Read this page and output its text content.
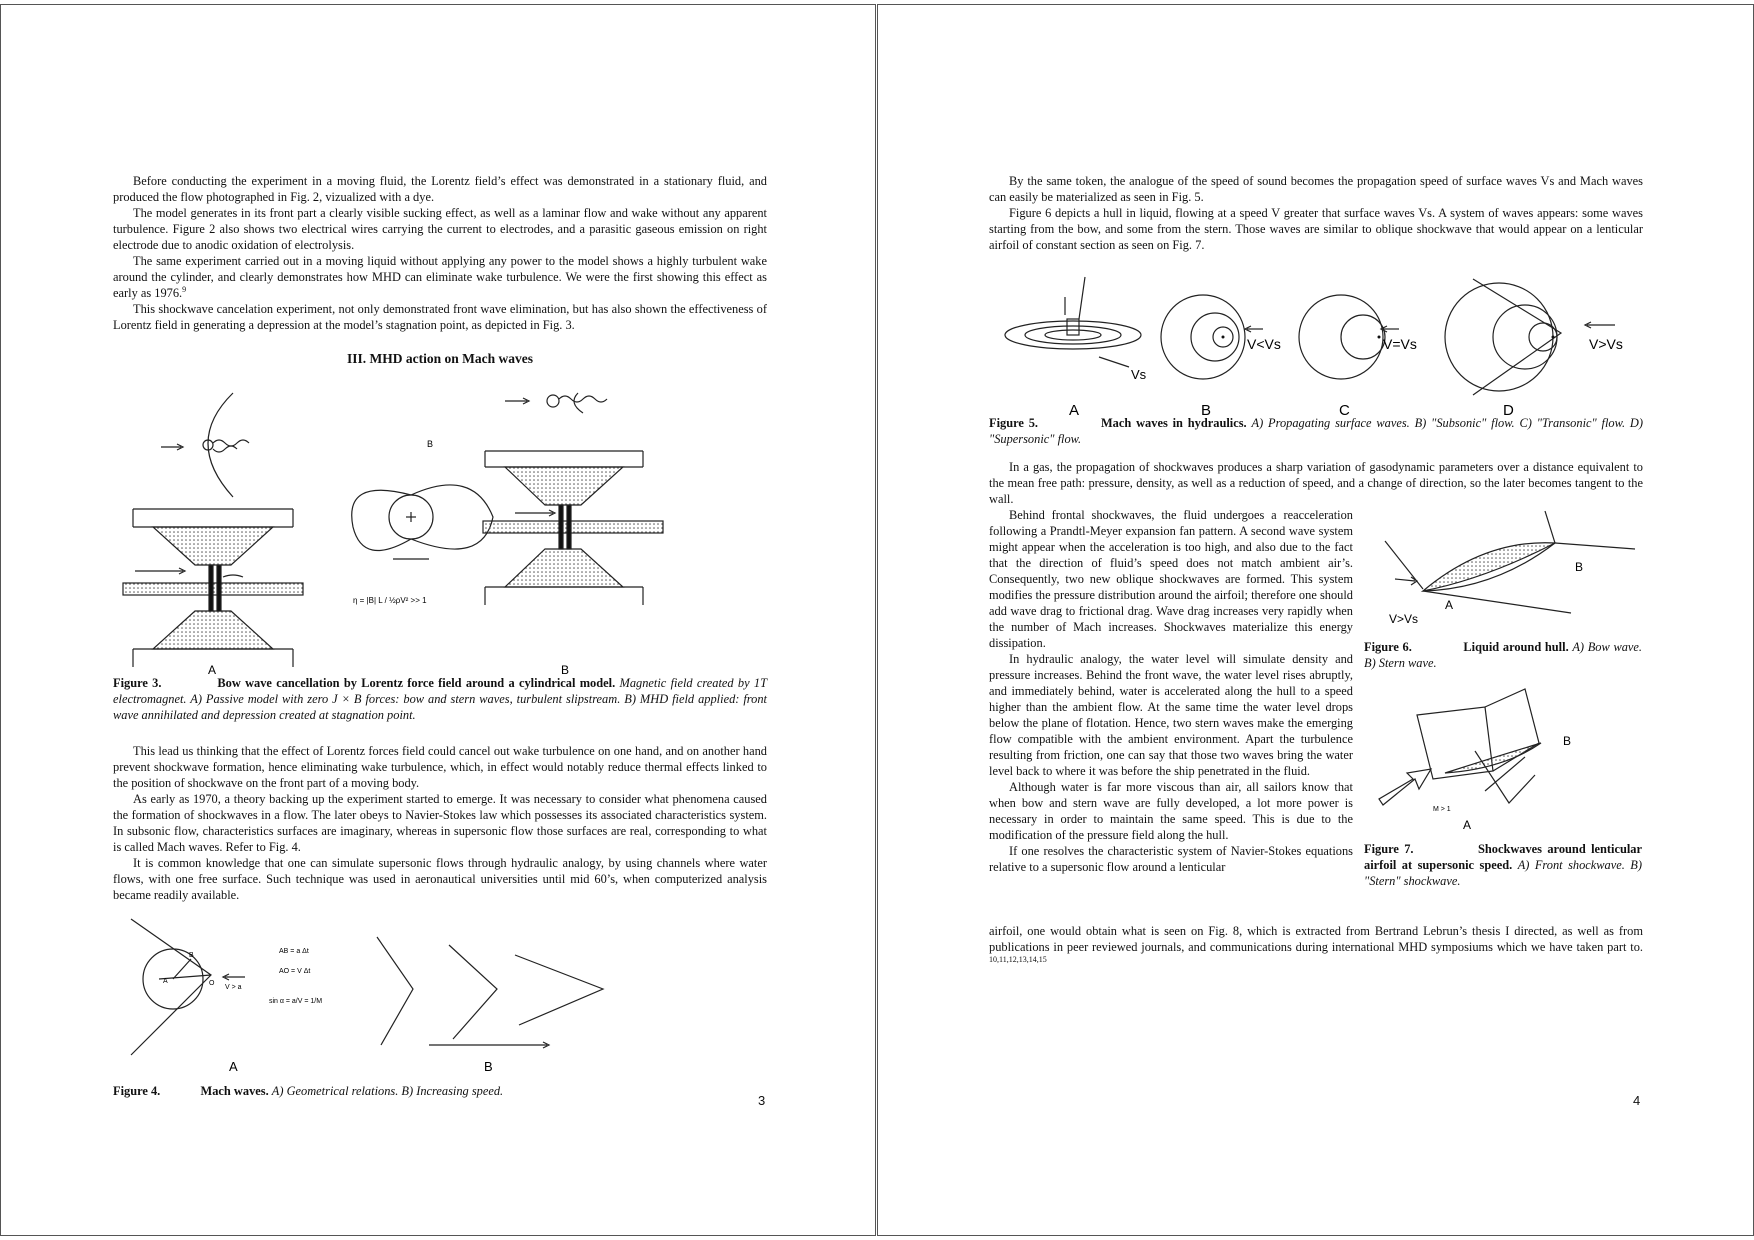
Before conducting the experiment in a moving fluid, the Lorentz field’s effect was demonstrated in a stationary fluid, and produced the flow photographed in Fig. 2, vizualized with a dye.

The model generates in its front part a clearly visible sucking effect, as well as a laminar flow and wake without any apparent turbulence. Figure 2 also shows two electrical wires carrying the current to electrodes, and a parasitic gaseous emission on right electrode due to anodic oxidation of electrolysis.

The same experiment carried out in a moving liquid without applying any power to the model shows a highly turbulent wake around the cylinder, and clearly demonstrates how MHD can eliminate wake turbulence. We were the first showing this effect as early as 1976.$^9$

This shockwave cancelation experiment, not only demonstrated front wave elimination, but has also shown the effectiveness of Lorentz field in generating a depression at the model’s stagnation point, as depicted in Fig. 3.

III. MHD action on Mach waves
B
η = |B| L / ½ρV² >> 1
A	B
Figure 3.	Bow wave cancellation by Lorentz force field around a cylindrical model. Magnetic field created by 1T electromagnet. A) Passive model with zero J × B forces: bow and stern waves, turbulent slipstream. B) MHD field applied: front wave annihilated and depression created at stagnation point.

This lead us thinking that the effect of Lorentz forces field could cancel out wake turbulence on one hand, and on another hand prevent shockwave formation, hence eliminating wake turbulence, which, in effect would notably reduce thermal effects linked to the position of shockwave on the front part of a moving body.

As early as 1970, a theory backing up the experiment started to emerge. It was necessary to consider what phenomena caused the formation of shockwaves in a flow. The later obeys to Navier-Stokes law which possesses its associated characteristics system. In subsonic flow, characteristics surfaces are imaginary, whereas in supersonic flow those surfaces are real, corresponding to what is called Mach waves. Refer to Fig. 4.

It is common knowledge that one can simulate supersonic flows through hydraulic analogy, by using channels where water flows, with one free surface. Such technique was used in aeronautical universities until mid 60’s, when computerized analysis became readily available.

A
B
O
V > a
AB = a Δt
AO = V Δt
sin α = a/V = 1/M
A	B
Figure 4.	Mach waves. A) Geometrical relations. B) Increasing speed.
3

By the same token, the analogue of the speed of sound becomes the propagation speed of surface waves Vs and Mach waves can easily be materialized as seen in Fig. 5.

Figure 6 depicts a hull in liquid, flowing at a speed V greater that surface waves Vs. A system of waves appears: some waves starting from the bow, and some from the stern. Those waves are similar to oblique shockwave that would appear on a lenticular airfoil of constant section as seen on Fig. 7.

Vs
V<Vs	V=Vs	V>Vs
A	B	C	D
Figure 5.	Mach waves in hydraulics. A) Propagating surface waves. B) "Subsonic" flow. C) "Transonic" flow. D) "Supersonic" flow.

In a gas, the propagation of shockwaves produces a sharp variation of gasodynamic parameters over a distance equivalent to the mean free path: pressure, density, as well as a reduction of speed, and a change of direction, so the later becomes tangent to the wall.

Behind frontal shockwaves, the fluid undergoes a reacceleration following a Prandtl-Meyer expansion fan pattern. A second wave system might appear when the acceleration is too high, and also due to the fact that the direction of fluid’s speed does not match ambient air’s. Consequently, two new oblique shockwaves are formed. This system modifies the pressure distribution around the airfoil; therefore one should add wave drag to frictional drag. Wave drag increases very rapidly when the number of Mach increases. Shockwaves materialize this energy dissipation.

In hydraulic analogy, the water level will simulate density and pressure increases. Behind the front wave, the water level rises abruptly, and immediately behind, water is accelerated along the hull to a speed higher than the ambient flow. At the same time the water level drops below the plane of flotation. Hence, two stern waves make the emerging flow compatible with the ambient environment. Apart the turbulence resulting from friction, one can say that those two waves bring the water level back to where it was before the ship penetrated in the fluid.

Although water is far more viscous than air, all sailors know that when bow and stern wave are fully developed, a lot more power is necessary in order to maintain the same speed. This is due to the modification of the pressure field along the hull.

If one resolves the characteristic system of Navier-Stokes equations relative to a supersonic flow around a lenticular

B
A
V>Vs
Figure 6.	Liquid around hull. A) Bow wave. B) Stern wave.
B
A
M > 1
Figure 7.	Shockwaves around lenticular airfoil at supersonic speed. A) Front shockwave. B) "Stern" shockwave.

airfoil, one would obtain what is seen on Fig. 8, which is extracted from Bertrand Lebrun’s thesis I directed, as well as from publications in peer reviewed journals, and communications during international MHD symposiums which we have taken part to. $^{10,11,12,13,14,15}$

4
